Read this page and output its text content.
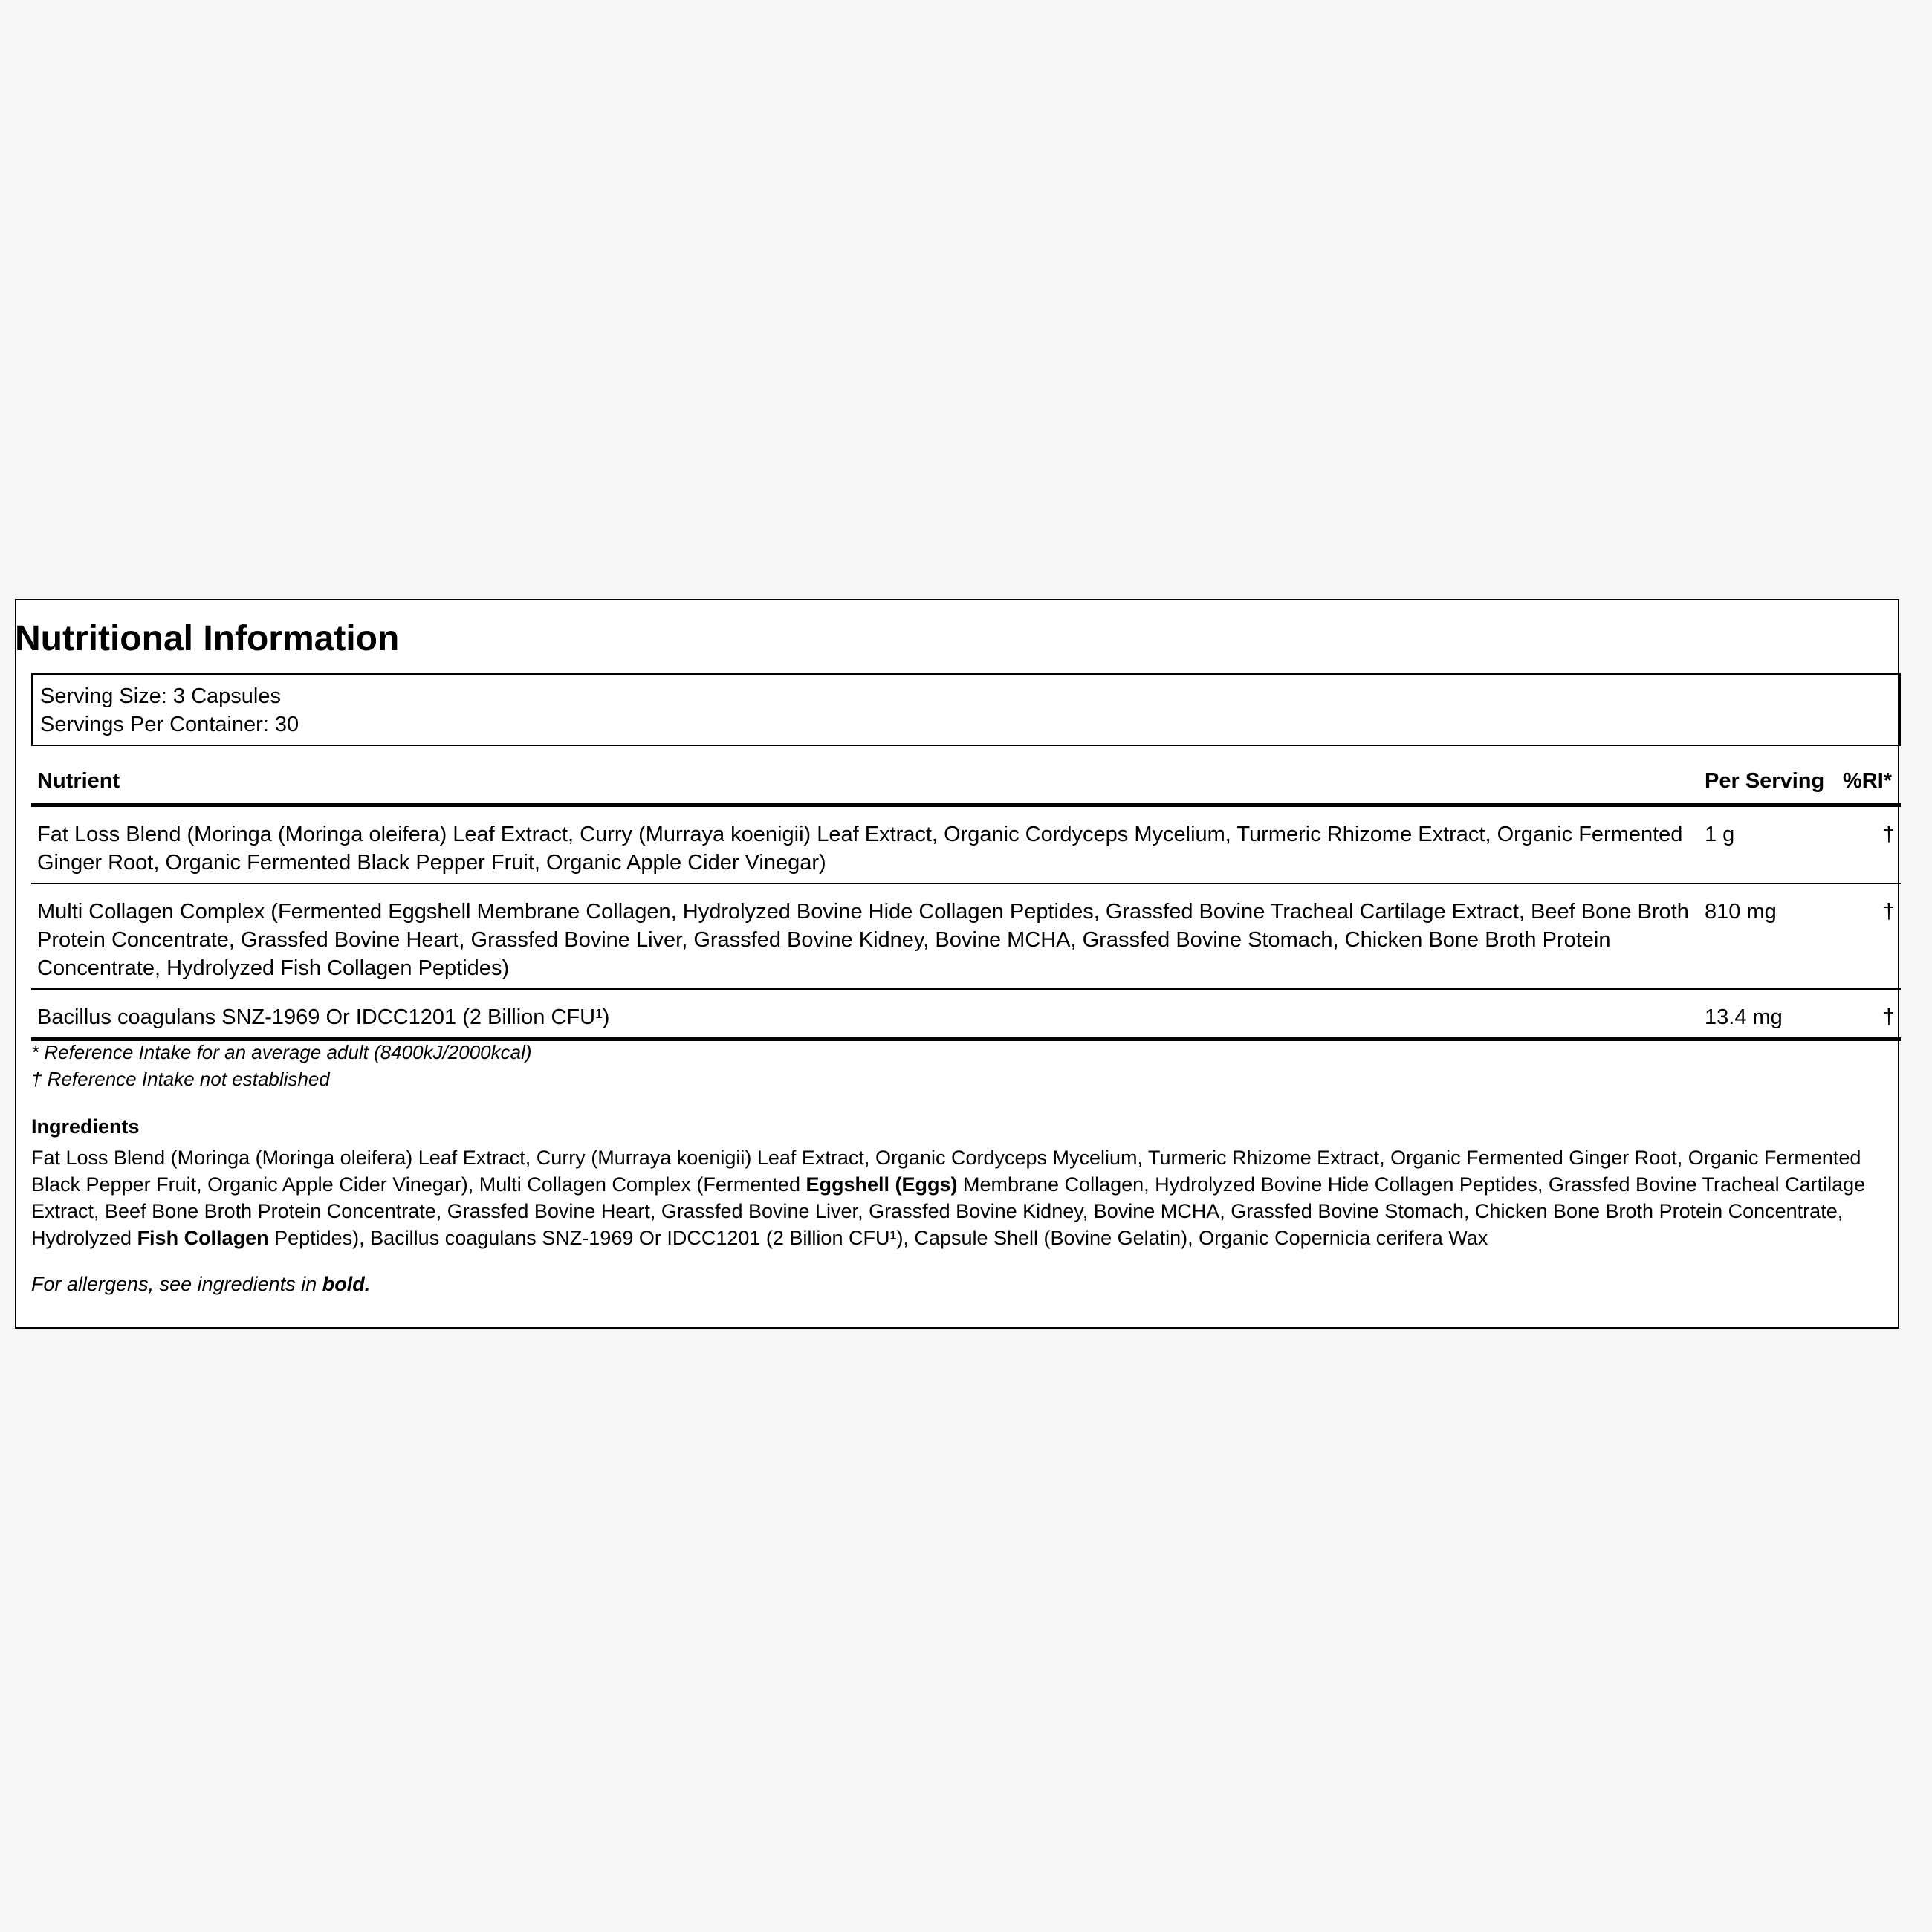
Nutritional Information
Serving Size: 3 Capsules
Servings Per Container: 30
Nutrient	Per Serving	%RI*
Fat Loss Blend (Moringa (Moringa oleifera) Leaf Extract, Curry (Murraya koenigii) Leaf Extract, Organic Cordyceps Mycelium, Turmeric Rhizome Extract, Organic Fermented Ginger Root, Organic Fermented Black Pepper Fruit, Organic Apple Cider Vinegar)	1 g	†
Multi Collagen Complex (Fermented Eggshell Membrane Collagen, Hydrolyzed Bovine Hide Collagen Peptides, Grassfed Bovine Tracheal Cartilage Extract, Beef Bone Broth Protein Concentrate, Grassfed Bovine Heart, Grassfed Bovine Liver, Grassfed Bovine Kidney, Bovine MCHA, Grassfed Bovine Stomach, Chicken Bone Broth Protein Concentrate, Hydrolyzed Fish Collagen Peptides)	810 mg	†
Bacillus coagulans SNZ-1969 Or IDCC1201 (2 Billion CFU¹)	13.4 mg	†
* Reference Intake for an average adult (8400kJ/2000kcal)
† Reference Intake not established
Ingredients
Fat Loss Blend (Moringa (Moringa oleifera) Leaf Extract, Curry (Murraya koenigii) Leaf Extract, Organic Cordyceps Mycelium, Turmeric Rhizome Extract, Organic Fermented Ginger Root, Organic Fermented Black Pepper Fruit, Organic Apple Cider Vinegar), Multi Collagen Complex (Fermented Eggshell (Eggs) Membrane Collagen, Hydrolyzed Bovine Hide Collagen Peptides, Grassfed Bovine Tracheal Cartilage Extract, Beef Bone Broth Protein Concentrate, Grassfed Bovine Heart, Grassfed Bovine Liver, Grassfed Bovine Kidney, Bovine MCHA, Grassfed Bovine Stomach, Chicken Bone Broth Protein Concentrate, Hydrolyzed Fish Collagen Peptides), Bacillus coagulans SNZ-1969 Or IDCC1201 (2 Billion CFU¹), Capsule Shell (Bovine Gelatin), Organic Copernicia cerifera Wax
For allergens, see ingredients in bold.
